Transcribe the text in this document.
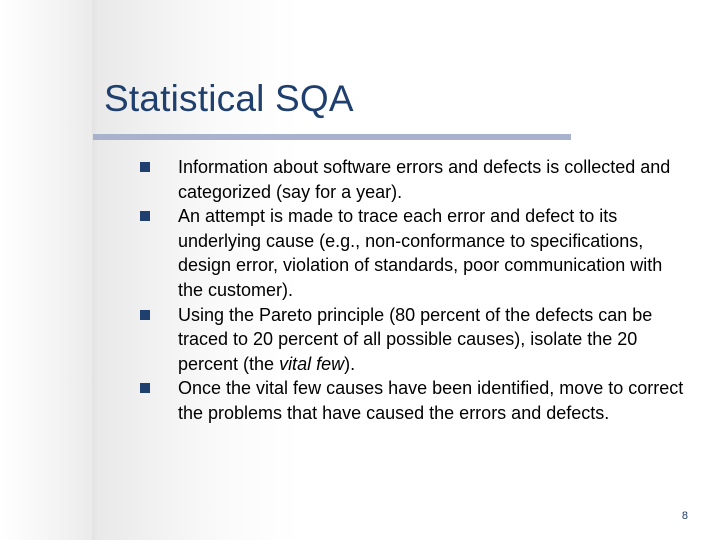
Statistical SQA
Information about software errors and defects is collected and categorized (say for a year).
An attempt is made to trace each error and defect to its underlying cause (e.g., non-conformance to specifications, design error, violation of standards, poor communication with the customer).
Using the Pareto principle (80 percent of the defects can be traced to 20 percent of all possible causes), isolate the 20 percent (the vital few).
Once the vital few causes have been identified, move to correct the problems that have caused the errors and defects.
8
